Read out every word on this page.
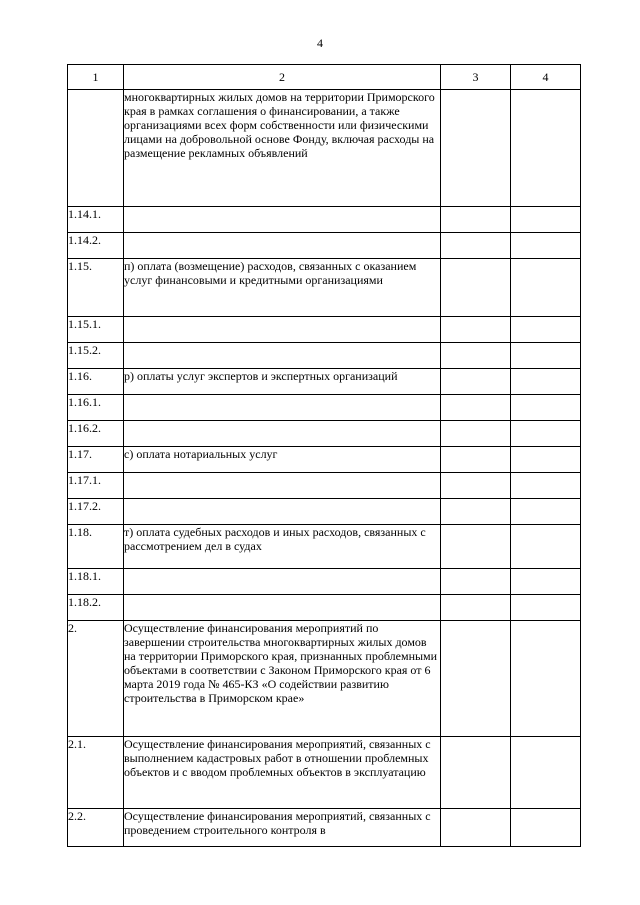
4
1	2	3	4
	многоквартирных жилых домов на территории Приморского края в рамках соглашения о финансировании, а также организациями всех форм собственности или физическими лицами на добровольной основе Фонду, включая расходы на размещение рекламных объявлений		
1.14.1.			
1.14.2.			
1.15.	п) оплата (возмещение) расходов, связанных с оказанием услуг финансовыми и кредитными организациями		
1.15.1.			
1.15.2.			
1.16.	р) оплаты услуг экспертов и экспертных организаций		
1.16.1.			
1.16.2.			
1.17.	с) оплата нотариальных услуг		
1.17.1.			
1.17.2.			
1.18.	т) оплата судебных расходов и иных расходов, связанных с рассмотрением дел в судах		
1.18.1.			
1.18.2.			
2.	Осуществление финансирования мероприятий по завершении строительства многоквартирных жилых домов на территории Приморского края, признанных проблемными объектами в соответствии с Законом Приморского края от 6 марта 2019 года № 465-КЗ «О содействии развитию строительства в Приморском крае»		
2.1.	Осуществление финансирования мероприятий, связанных с выполнением кадастровых работ в отношении проблемных объектов и с вводом проблемных объектов в эксплуатацию		
2.2.	Осуществление финансирования мероприятий, связанных с проведением строительного контроля в		
